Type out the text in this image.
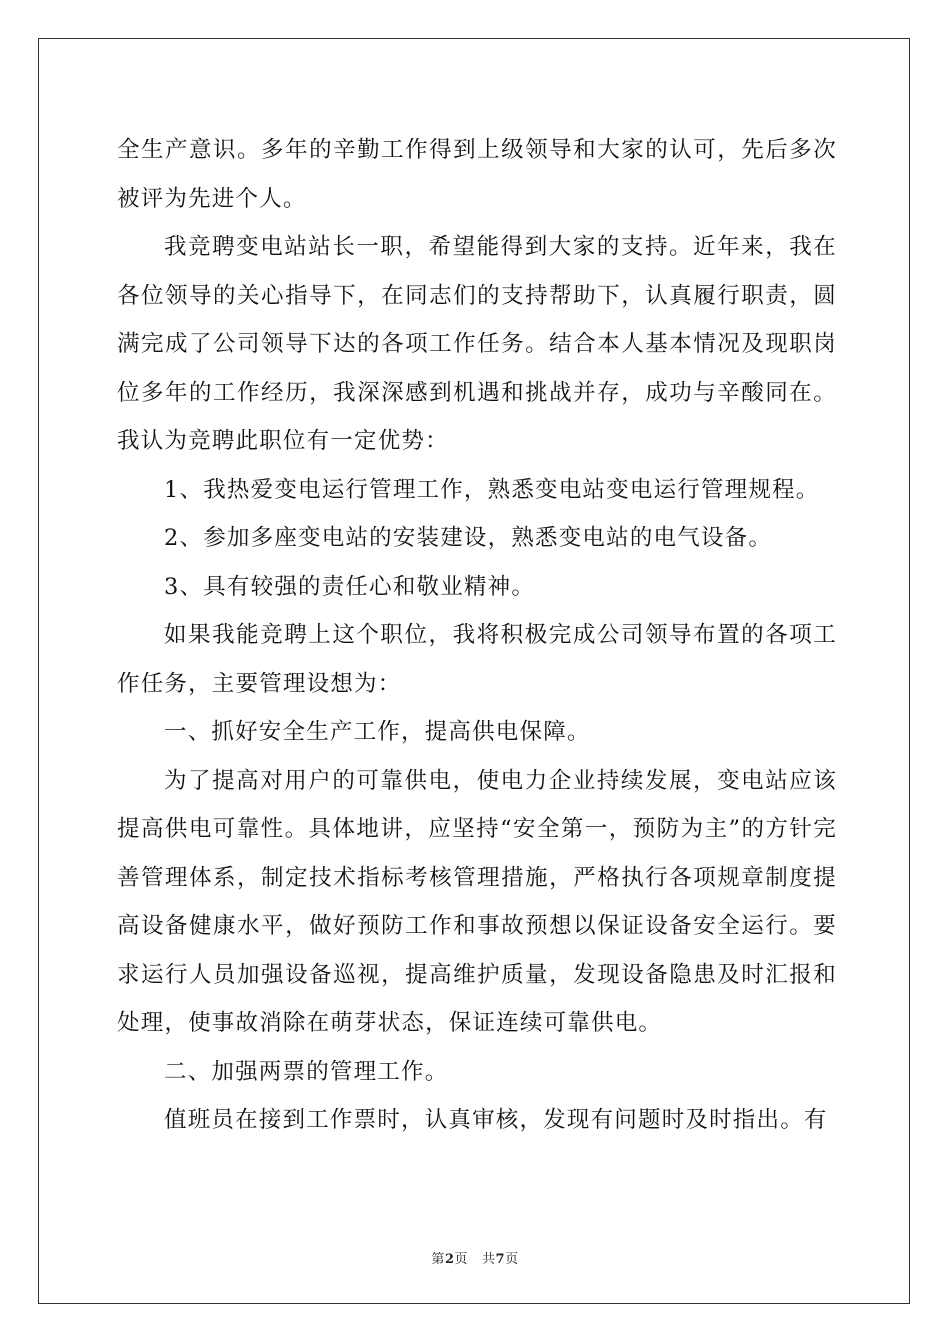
全生产意识。多年的辛勤工作得到上级领导和大家的认可，先后多次被评为先进个人。

我竞聘变电站站长一职，希望能得到大家的支持。近年来，我在各位领导的关心指导下，在同志们的支持帮助下，认真履行职责，圆满完成了公司领导下达的各项工作任务。结合本人基本情况及现职岗位多年的工作经历，我深深感到机遇和挑战并存，成功与辛酸同在。我认为竞聘此职位有一定优势：

1、我热爱变电运行管理工作，熟悉变电站变电运行管理规程。

2、参加多座变电站的安装建设，熟悉变电站的电气设备。

3、具有较强的责任心和敬业精神。

如果我能竞聘上这个职位，我将积极完成公司领导布置的各项工作任务，主要管理设想为：

一、抓好安全生产工作，提高供电保障。

为了提高对用户的可靠供电，使电力企业持续发展，变电站应该提高供电可靠性。具体地讲，应坚持“安全第一，预防为主”的方针完善管理体系，制定技术指标考核管理措施，严格执行各项规章制度提高设备健康水平，做好预防工作和事故预想以保证设备安全运行。要求运行人员加强设备巡视，提高维护质量，发现设备隐患及时汇报和处理，使事故消除在萌芽状态，保证连续可靠供电。

二、加强两票的管理工作。

值班员在接到工作票时，认真审核，发现有问题时及时指出。有

第2页 共7页
